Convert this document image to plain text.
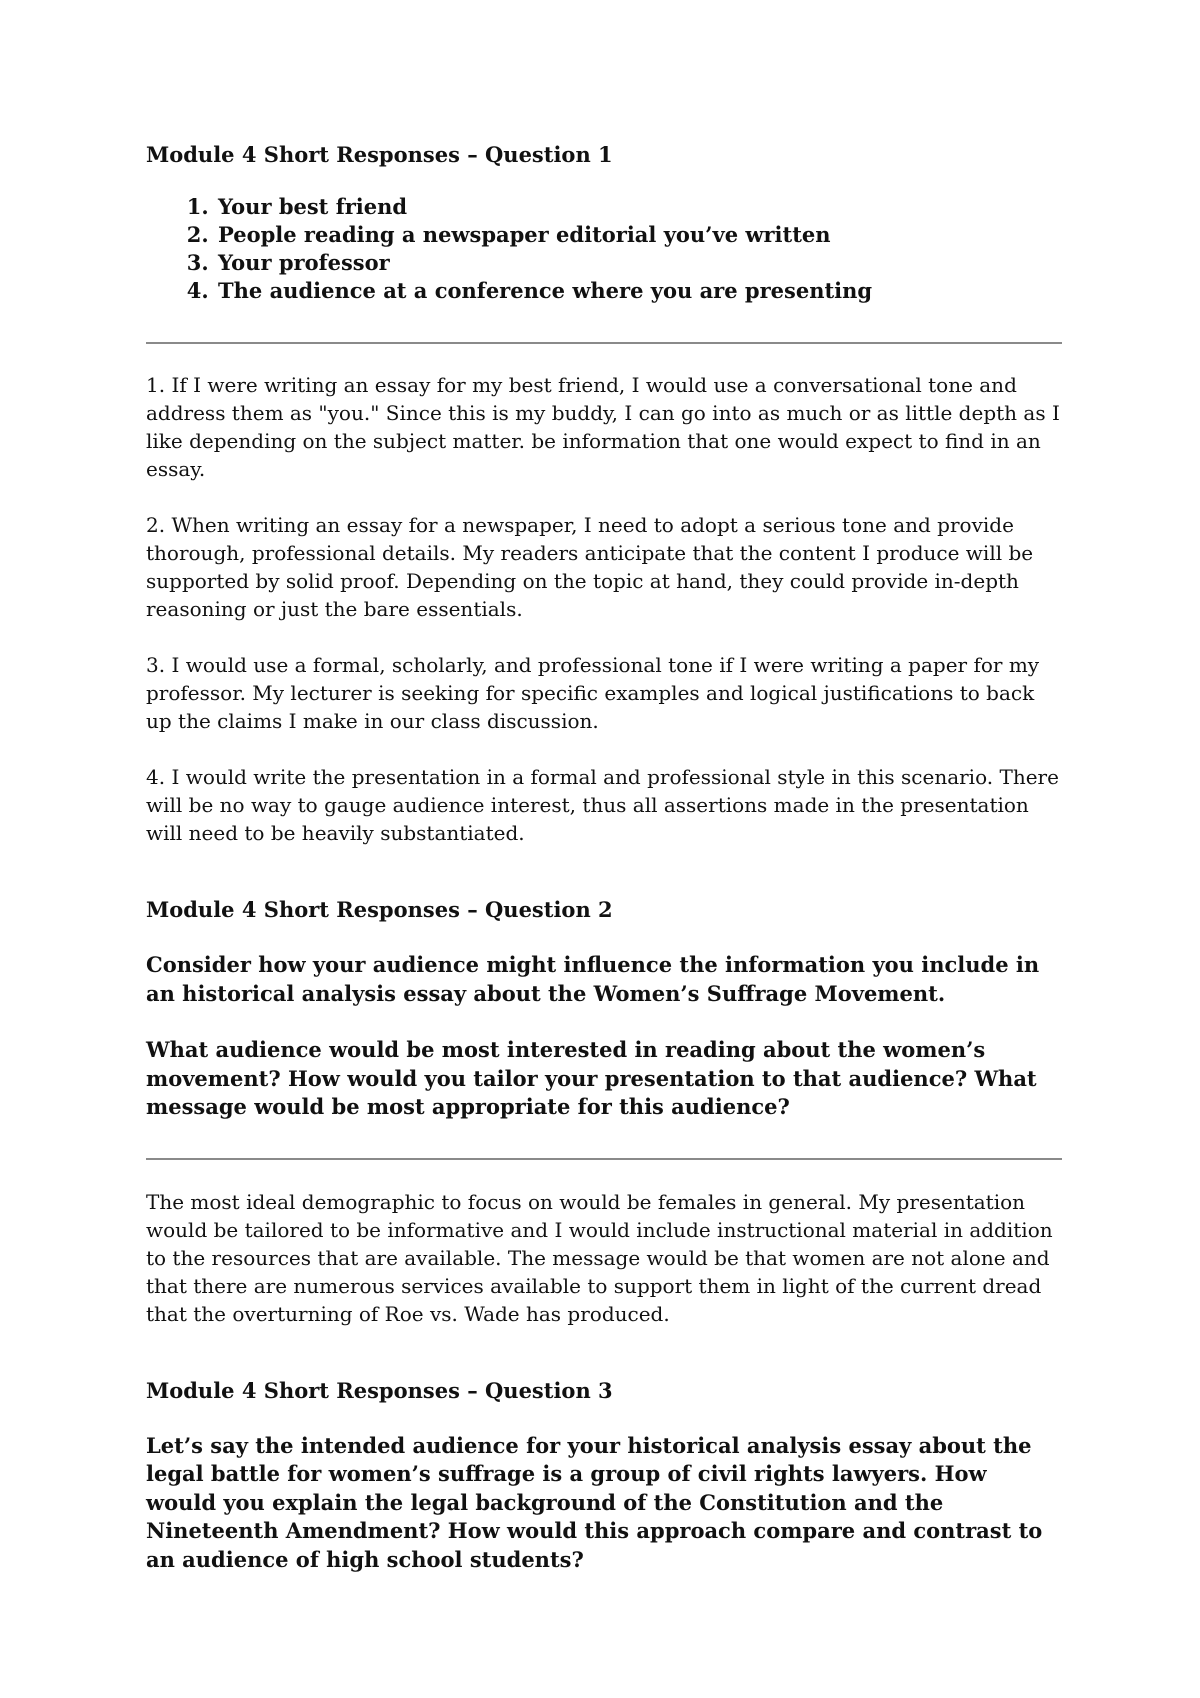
Module 4 Short Responses – Question 1

1. Your best friend
2. People reading a newspaper editorial you’ve written
3. Your professor
4. The audience at a conference where you are presenting

1. If I were writing an essay for my best friend, I would use a conversational tone and address them as "you." Since this is my buddy, I can go into as much or as little depth as I like depending on the subject matter. be information that one would expect to find in an essay.

2. When writing an essay for a newspaper, I need to adopt a serious tone and provide thorough, professional details. My readers anticipate that the content I produce will be supported by solid proof. Depending on the topic at hand, they could provide in-depth reasoning or just the bare essentials.

3. I would use a formal, scholarly, and professional tone if I were writing a paper for my professor. My lecturer is seeking for specific examples and logical justifications to back up the claims I make in our class discussion.

4. I would write the presentation in a formal and professional style in this scenario. There will be no way to gauge audience interest, thus all assertions made in the presentation will need to be heavily substantiated.

Module 4 Short Responses – Question 2

Consider how your audience might influence the information you include in an historical analysis essay about the Women’s Suffrage Movement.

What audience would be most interested in reading about the women’s movement? How would you tailor your presentation to that audience? What message would be most appropriate for this audience?

The most ideal demographic to focus on would be females in general. My presentation would be tailored to be informative and I would include instructional material in addition to the resources that are available. The message would be that women are not alone and that there are numerous services available to support them in light of the current dread that the overturning of Roe vs. Wade has produced.

Module 4 Short Responses – Question 3

Let’s say the intended audience for your historical analysis essay about the legal battle for women’s suffrage is a group of civil rights lawyers. How would you explain the legal background of the Constitution and the Nineteenth Amendment? How would this approach compare and contrast to an audience of high school students?
